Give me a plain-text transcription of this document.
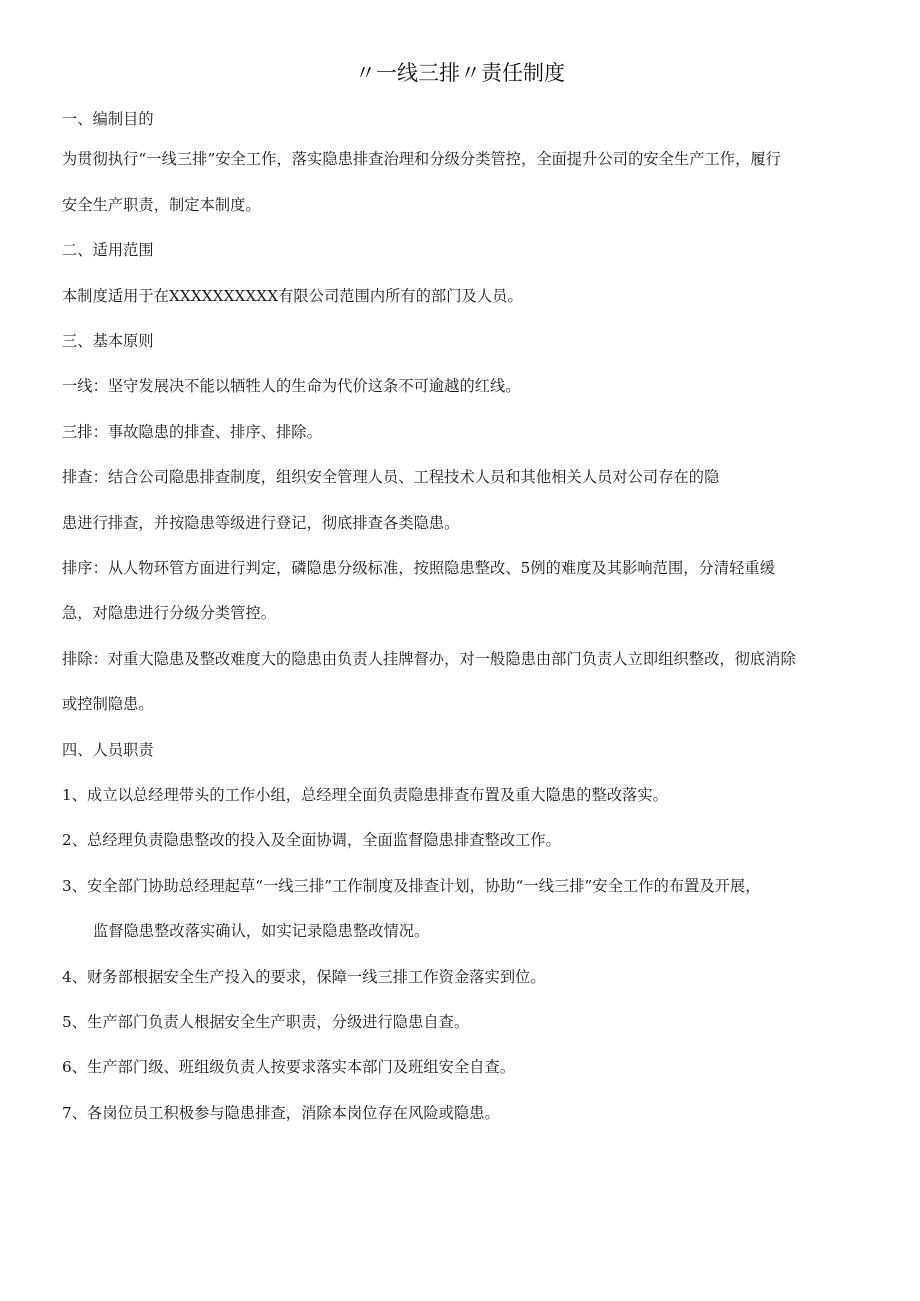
〃一线三排〃责任制度
一、编制目的
为贯彻执行“一线三排”安全工作，落实隐患排查治理和分级分类管控，全面提升公司的安全生产工作，履行
安全生产职责，制定本制度。
二、适用范围
本制度适用于在XXXXXXXXXX有限公司范围内所有的部门及人员。
三、基本原则
一线：坚守发展决不能以牺牲人的生命为代价这条不可逾越的红线。
三排：事故隐患的排查、排序、排除。
排查：结合公司隐患排查制度，组织安全管理人员、工程技术人员和其他相关人员对公司存在的隐
患进行排查，并按隐患等级进行登记，彻底排查各类隐患。
排序：从人物环管方面进行判定，磷隐患分级标准，按照隐患整改、5例的难度及其影响范围，分清轻重缓
急，对隐患进行分级分类管控。
排除：对重大隐患及整改难度大的隐患由负责人挂牌督办，对一般隐患由部门负责人立即组织整改，彻底消除
或控制隐患。
四、人员职责
1、成立以总经理带头的工作小组，总经理全面负责隐患排查布置及重大隐患的整改落实。
2、总经理负责隐患整改的投入及全面协调，全面监督隐患排查整改工作。
3、安全部门协助总经理起草“一线三排”工作制度及排查计划，协助“一线三排”安全工作的布置及开展，
监督隐患整改落实确认，如实记录隐患整改情况。
4、财务部根据安全生产投入的要求，保障一线三排工作资金落实到位。
5、生产部门负责人根据安全生产职责，分级进行隐患自查。
6、生产部门级、班组级负责人按要求落实本部门及班组安全自查。
7、各岗位员工积极参与隐患排查，消除本岗位存在风险或隐患。
